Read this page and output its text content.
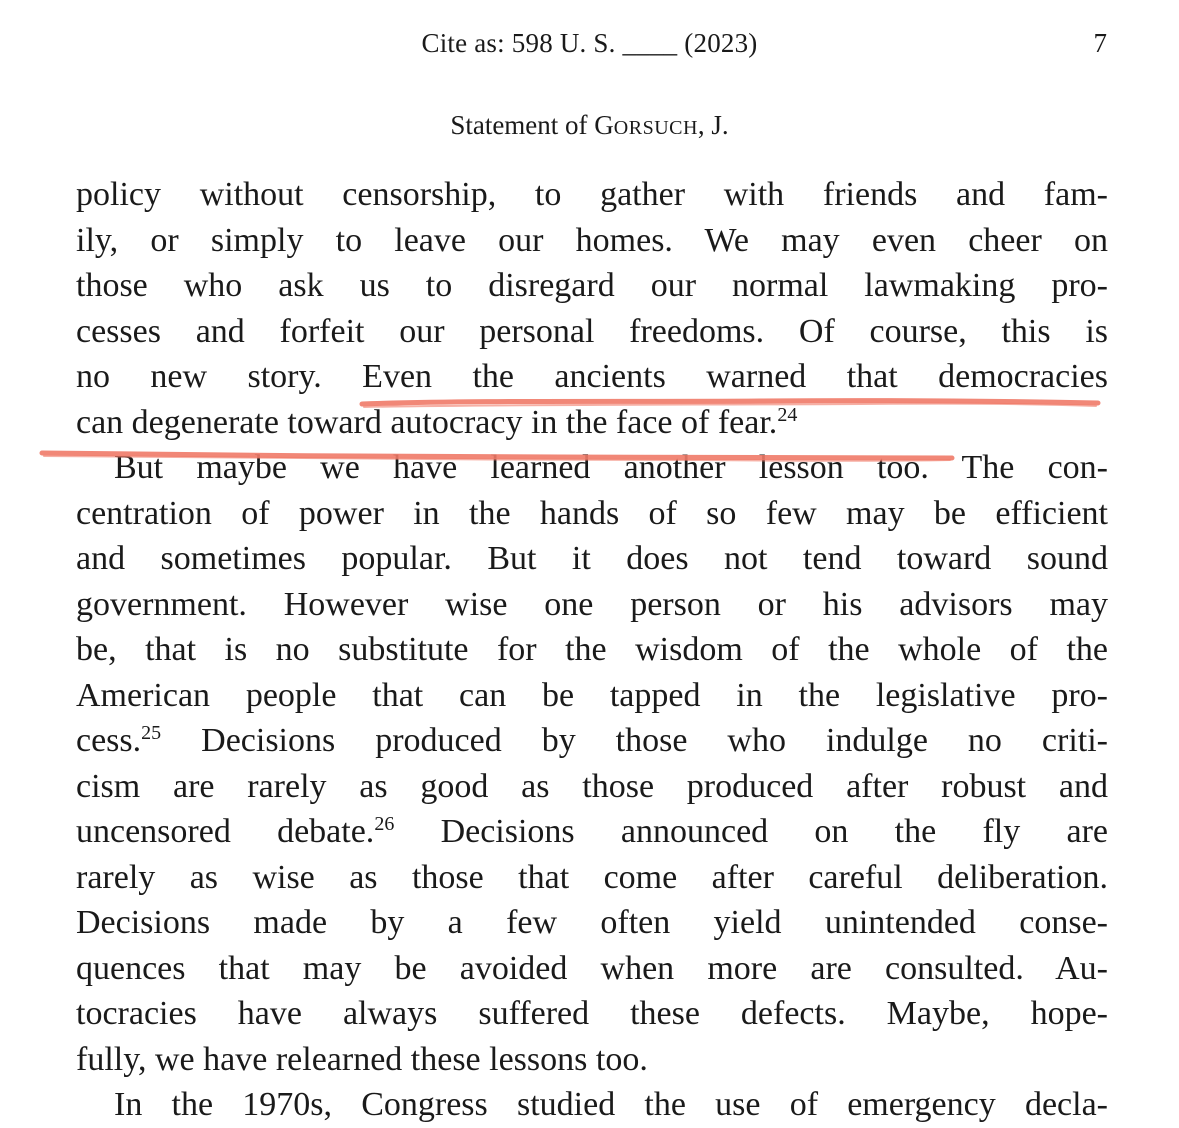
Cite as: 598 U. S. ____ (2023)	7
Statement of GORSUCH, J.
policy without censorship, to gather with friends and fam-
ily, or simply to leave our homes. We may even cheer on
those who ask us to disregard our normal lawmaking pro-
cesses and forfeit our personal freedoms. Of course, this is
no new story. Even the ancients warned that democracies
can degenerate toward autocracy in the face of fear.$^{24}$
But maybe we have learned another lesson too. The con-
centration of power in the hands of so few may be efficient
and sometimes popular. But it does not tend toward sound
government. However wise one person or his advisors may
be, that is no substitute for the wisdom of the whole of the
American people that can be tapped in the legislative pro-
cess.$^{25}$ Decisions produced by those who indulge no criti-
cism are rarely as good as those produced after robust and
uncensored debate.$^{26}$ Decisions announced on the fly are
rarely as wise as those that come after careful deliberation.
Decisions made by a few often yield unintended conse-
quences that may be avoided when more are consulted. Au-
tocracies have always suffered these defects. Maybe, hope-
fully, we have relearned these lessons too.
In the 1970s, Congress studied the use of emergency decla-
